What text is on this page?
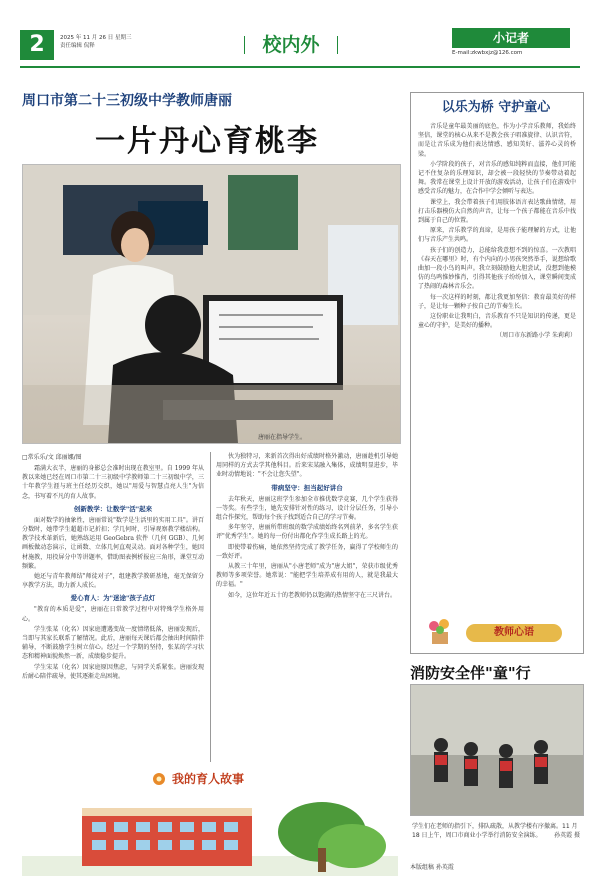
2	2025 年 11 月 26 日 星期三
责任编辑 侃释	校内外	小记者
E-mail:zkwbxjz@126.com
周口市第二十三初级中学教师唐丽
一片丹心育桃李
唐丽在指导学生。

□常乐乐/文 邱丽娜/图

霜满大衣半，唐丽的身影总会准时出现在教室里。自 1999 年从教以来她已经在周口市第二十三初级中学教师第二十三初级中学，三十年教学生涯与班主任经历交织，她以"用爱与智慧点亮人生"为信念，书写着不凡的育人故事。

创新教学：让数学"活"起来

面对数学的抽象性，唐丽常说"数学是生活里的实用工具"。讲百分数时，她带学生超超市记折扣；学几何时，引导观察教学楼结构。教学技术革新后，她熟练运用 GeoGebra 软件（几何 GGB）、几何画板做动态演示，让函数、立体几何直观灵动。面对各种学生，她因材施教，用投屏分中等讲题率，借助图表例析报应三角形，课堂互动频繁。

她还与青年教师结"师徒对子"，组建教学教研基地，毫无保留分享教学方法，助力新人成长。

爱心育人：为"迷途"孩子点灯

"教育的本质是爱"，唐丽在日常教学过程中对特殊学生格外用心。

学生张某（化名）因家庭遭遇变故一度情绪低落，唐丽发现后，当即与其家长联系了解情况。此后，唐丽每天课后都会抽出时间陪伴辅导，不断鼓励学生树立信心。经过一个学期的坚持，张某的学习状态和精神面貌焕然一新，成绩稳步提升。

学生宋某（化名）因家庭原因焦虑，与同学关系紧张。唐丽发现后耐心陪伴疏导，使其逐渐走出困境。

伙为独特习，来新首次得出好成绩时格外激动，唐丽趁机引导她用同样的方式去学其他科目。后来宋某融入集体，成绩明显进步，毕业时动情地说："不会让您失望"。

带病坚守：担当起好讲台

去年秋天，唐丽这班学生参加全市推优数学竞赛，几个学生获得一等奖。有些学生，她先安排针对性的练习，设计分层任务，引导小组合作探究，帮助每个孩子找到适合自己的学习节奏。

多年坚守，唐丽所带班级的数学成绩始终名列前茅，多名学生获评"优秀学生"。她的每一份付出都化作学生成长路上的光。

即使带着伤痛，她依然坚持完成了教学任务，赢得了学校师生的一致好评。

从教三十年里，唐丽从"小唐老师"成为"唐大姐"，荣获市级优秀教师等多项荣誉。她常说："能把学生培养成有用的人，就是我最大的幸福。"

如今，这位年近五十的老教师仍以饱满的热情坚守在三尺讲台。

我的育人故事
以乐为桥 守护童心

音乐是童年最美丽的底色，作为小学音乐教师，我始终坚信，课堂的核心从来不是教会孩子唱准旋律、认识音符，而是让音乐成为他们表达情感、感知美好、滋养心灵的桥梁。

小学阶段的孩子，对音乐的感知纯粹而直接，他们可能记不住复杂的乐理知识，却会被一段轻快的节奏带动着起舞。我常在课堂上设计开放的游戏活动，让孩子们在游戏中感受音乐的魅力，在合作中学会倾听与表达。

课堂上，我会带着孩子们用肢体语言表达歌曲情绪，用打击乐器模仿大自然的声音，让每一个孩子都能在音乐中找到属于自己的位置。

原来，音乐教学的真谛，是用孩子能理解的方式，让他们与音乐产生共鸣。

孩子们的创造力，总能给我意想不到的惊喜。一次教唱《春天在哪里》时，有个内向的小男孩突然举手，说想给歌曲加一段小鸟的叫声。我立刻鼓励他大胆尝试，没想到他模仿的鸟鸣惟妙惟肖，引得其他孩子纷纷加入，课堂瞬间变成了热闹的森林音乐会。

每一次这样的时刻，都让我更加坚信：教育最美好的样子，是让每一颗种子按自己的节奏生长。

这份职业让我明白，音乐教育不只是知识的传递，更是童心的守护，是美好的播种。

（周口市东新路小学 朱莉莉）

教师心语
消防安全伴"童"行
学生们在老师的指引下，排队疏散，从教学楼有序撤离。11 月 18 日上午，周口市商业小学举行消防安全演练。 孙英霞 摄
本版组稿 孙英霞
